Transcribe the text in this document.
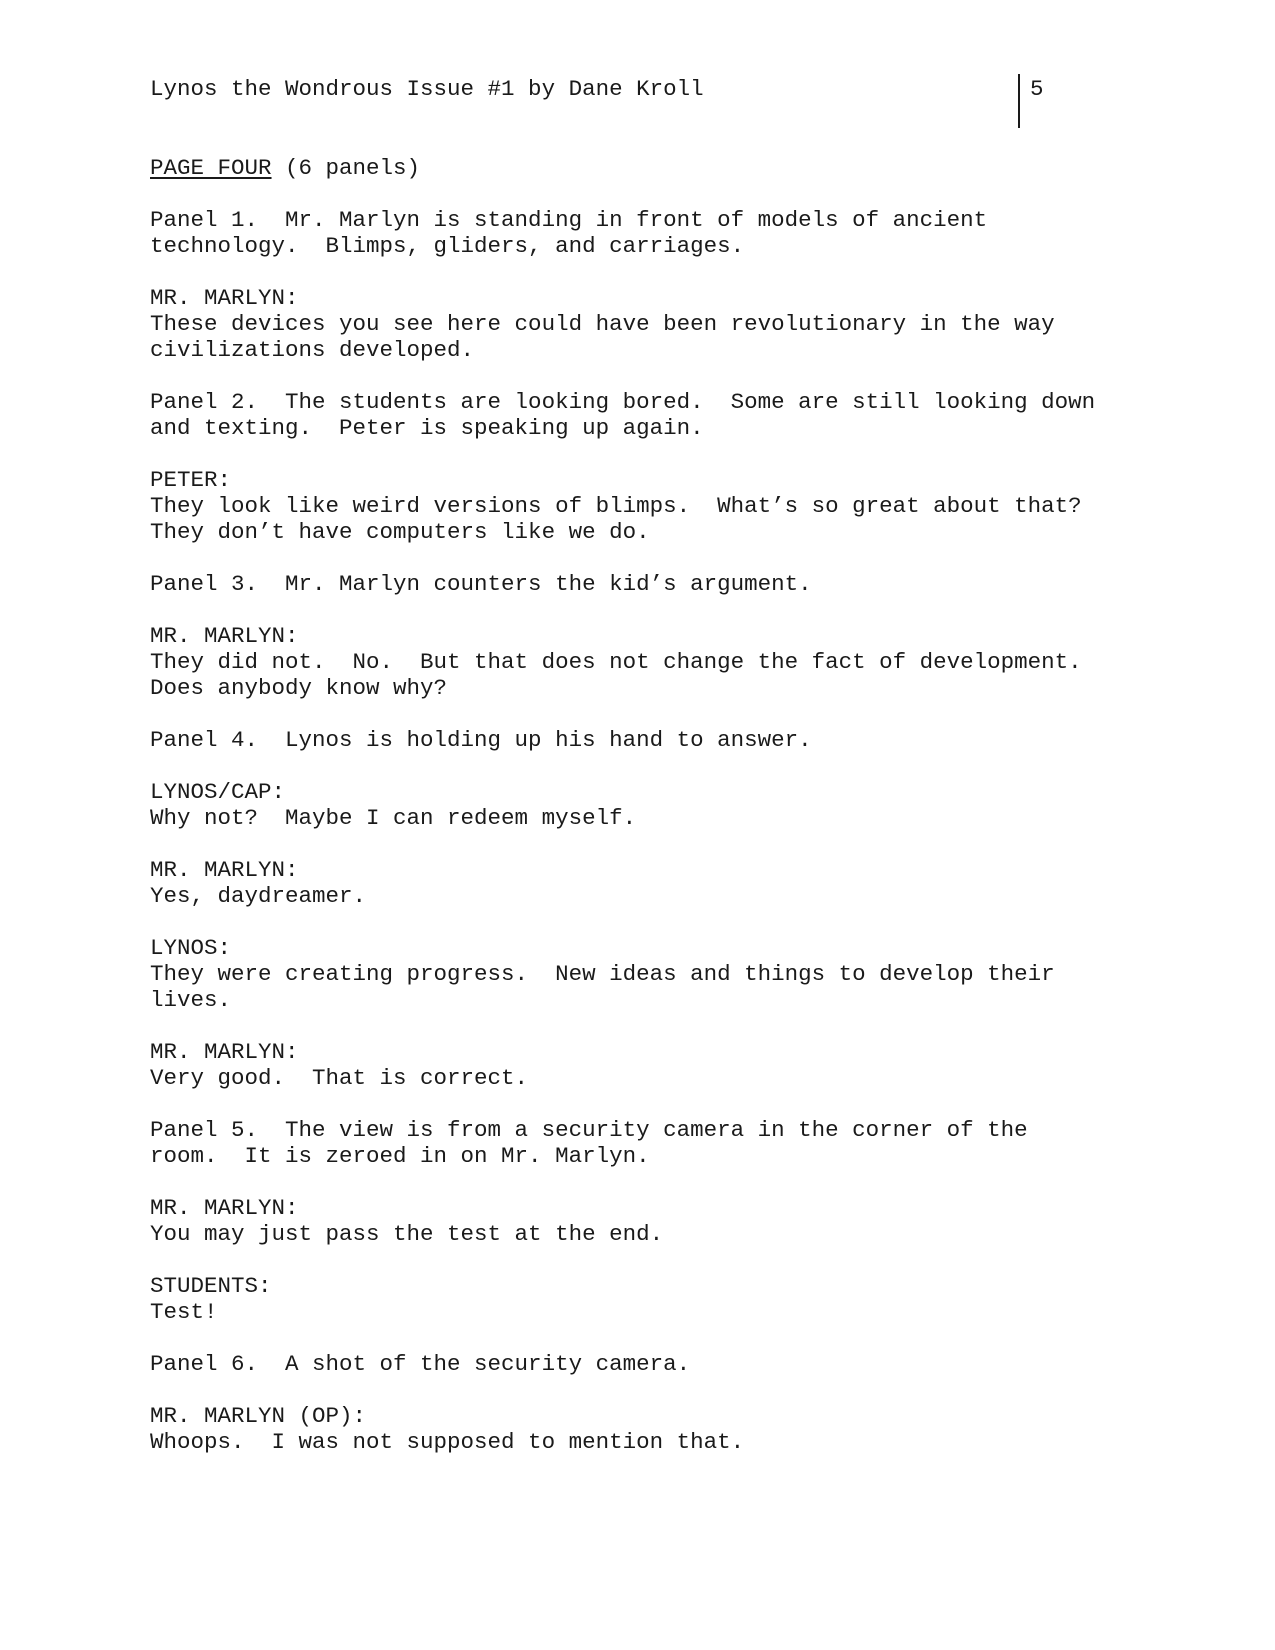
Lynos the Wondrous Issue #1 by Dane Kroll	5
PAGE FOUR (6 panels)
Panel 1.  Mr. Marlyn is standing in front of models of ancient
technology.  Blimps, gliders, and carriages.
MR. MARLYN:
These devices you see here could have been revolutionary in the way
civilizations developed.
Panel 2.  The students are looking bored.  Some are still looking down
and texting.  Peter is speaking up again.
PETER:
They look like weird versions of blimps.  What’s so great about that?
They don’t have computers like we do.
Panel 3.  Mr. Marlyn counters the kid’s argument.
MR. MARLYN:
They did not.  No.  But that does not change the fact of development.
Does anybody know why?
Panel 4.  Lynos is holding up his hand to answer.
LYNOS/CAP:
Why not?  Maybe I can redeem myself.
MR. MARLYN:
Yes, daydreamer.
LYNOS:
They were creating progress.  New ideas and things to develop their
lives.
MR. MARLYN:
Very good.  That is correct.
Panel 5.  The view is from a security camera in the corner of the
room.  It is zeroed in on Mr. Marlyn.
MR. MARLYN:
You may just pass the test at the end.
STUDENTS:
Test!
Panel 6.  A shot of the security camera.
MR. MARLYN (OP):
Whoops.  I was not supposed to mention that.
